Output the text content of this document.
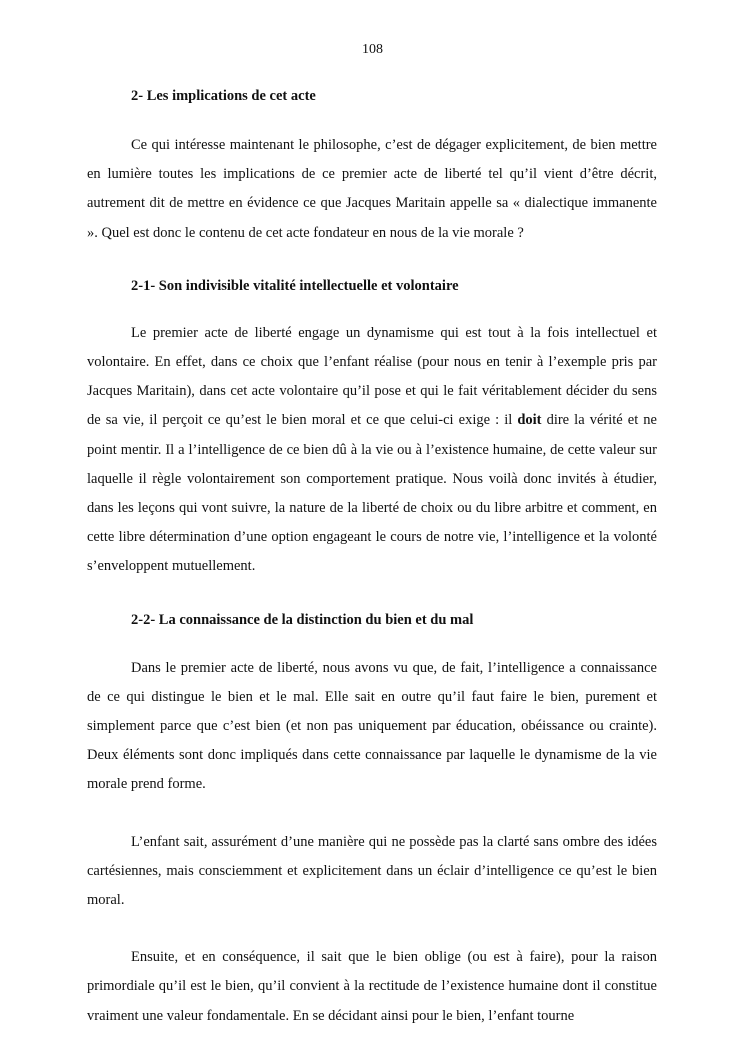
108

2- Les implications de cet acte

Ce qui intéresse maintenant le philosophe, c’est de dégager explicitement, de bien mettre en lumière toutes les implications de ce premier acte de liberté tel qu’il vient d’être décrit, autrement dit de mettre en évidence ce que Jacques Maritain appelle sa « dialectique immanente ». Quel est donc le contenu de cet acte fondateur en nous de la vie morale ?

2-1- Son indivisible vitalité intellectuelle et volontaire

Le premier acte de liberté engage un dynamisme qui est tout à la fois intellectuel et volontaire. En effet, dans ce choix que l’enfant réalise (pour nous en tenir à l’exemple pris par Jacques Maritain), dans cet acte volontaire qu’il pose et qui le fait véritablement décider du sens de sa vie, il perçoit ce qu’est le bien moral et ce que celui-ci exige : il doit dire la vérité et ne point mentir. Il a l’intelligence de ce bien dû à la vie ou à l’existence humaine, de cette valeur sur laquelle il règle volontairement son comportement pratique. Nous voilà donc invités à étudier, dans les leçons qui vont suivre, la nature de la liberté de choix ou du libre arbitre et comment, en cette libre détermination d’une option engageant le cours de notre vie, l’intelligence et la volonté s’enveloppent mutuellement.

2-2- La connaissance de la distinction du bien et du mal

Dans le premier acte de liberté, nous avons vu que, de fait, l’intelligence a connaissance de ce qui distingue le bien et le mal. Elle sait en outre qu’il faut faire le bien, purement et simplement parce que c’est bien (et non pas uniquement par éducation, obéissance ou crainte). Deux éléments sont donc impliqués dans cette connaissance par laquelle le dynamisme de la vie morale prend forme.

L’enfant sait, assurément d’une manière qui ne possède pas la clarté sans ombre des idées cartésiennes, mais consciemment et explicitement dans un éclair d’intelligence ce qu’est le bien moral.

Ensuite, et en conséquence, il sait que le bien oblige (ou est à faire), pour la raison primordiale qu’il est le bien, qu’il convient à la rectitude de l’existence humaine dont il constitue vraiment une valeur fondamentale. En se décidant ainsi pour le bien, l’enfant tourne
